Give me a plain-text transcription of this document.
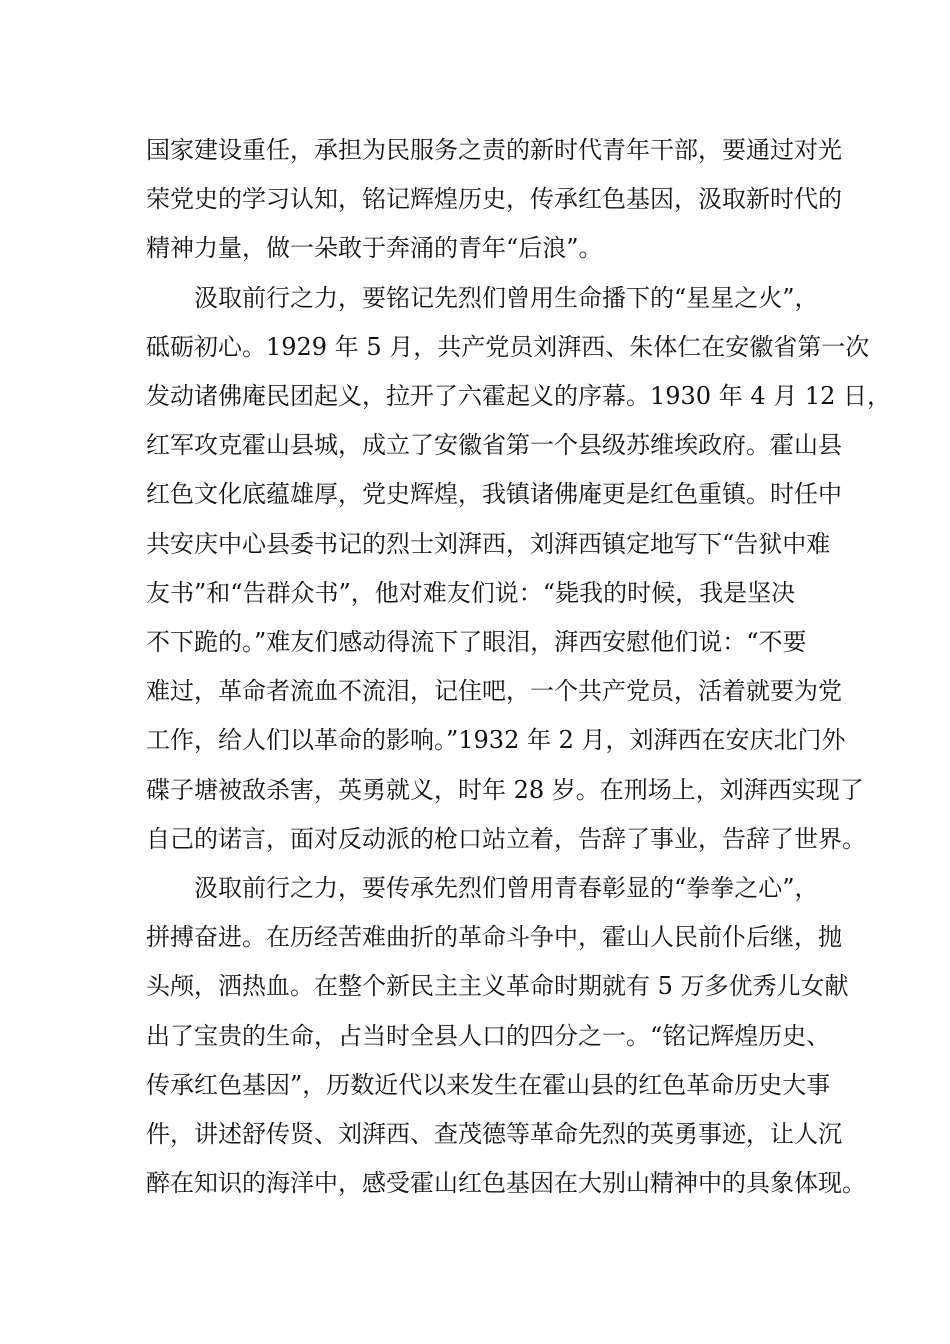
国家建设重任，承担为民服务之责的新时代青年干部，要通过对光
荣党史的学习认知，铭记辉煌历史，传承红色基因，汲取新时代的
精神力量，做一朵敢于奔涌的青年“后浪”。
汲取前行之力，要铭记先烈们曾用生命播下的“星星之火”，
砥砺初心。1929 年 5 月，共产党员刘湃西、朱体仁在安徽省第一次
发动诸佛庵民团起义，拉开了六霍起义的序幕。1930 年 4 月 12 日，
红军攻克霍山县城，成立了安徽省第一个县级苏维埃政府。霍山县
红色文化底蕴雄厚，党史辉煌，我镇诸佛庵更是红色重镇。时任中
共安庆中心县委书记的烈士刘湃西，刘湃西镇定地写下“告狱中难
友书”和“告群众书”，他对难友们说：“毙我的时候，我是坚决
不下跪的。”难友们感动得流下了眼泪，湃西安慰他们说：“不要
难过，革命者流血不流泪，记住吧，一个共产党员，活着就要为党
工作，给人们以革命的影响。”1932 年 2 月，刘湃西在安庆北门外
碟子塘被敌杀害，英勇就义，时年 28 岁。在刑场上，刘湃西实现了
自己的诺言，面对反动派的枪口站立着，告辞了事业，告辞了世界。
汲取前行之力，要传承先烈们曾用青春彰显的“拳拳之心”，
拼搏奋进。在历经苦难曲折的革命斗争中，霍山人民前仆后继，抛
头颅，洒热血。在整个新民主主义革命时期就有 5 万多优秀儿女献
出了宝贵的生命，占当时全县人口的四分之一。“铭记辉煌历史、
传承红色基因”，历数近代以来发生在霍山县的红色革命历史大事
件，讲述舒传贤、刘湃西、查茂德等革命先烈的英勇事迹，让人沉
醉在知识的海洋中，感受霍山红色基因在大别山精神中的具象体现。
